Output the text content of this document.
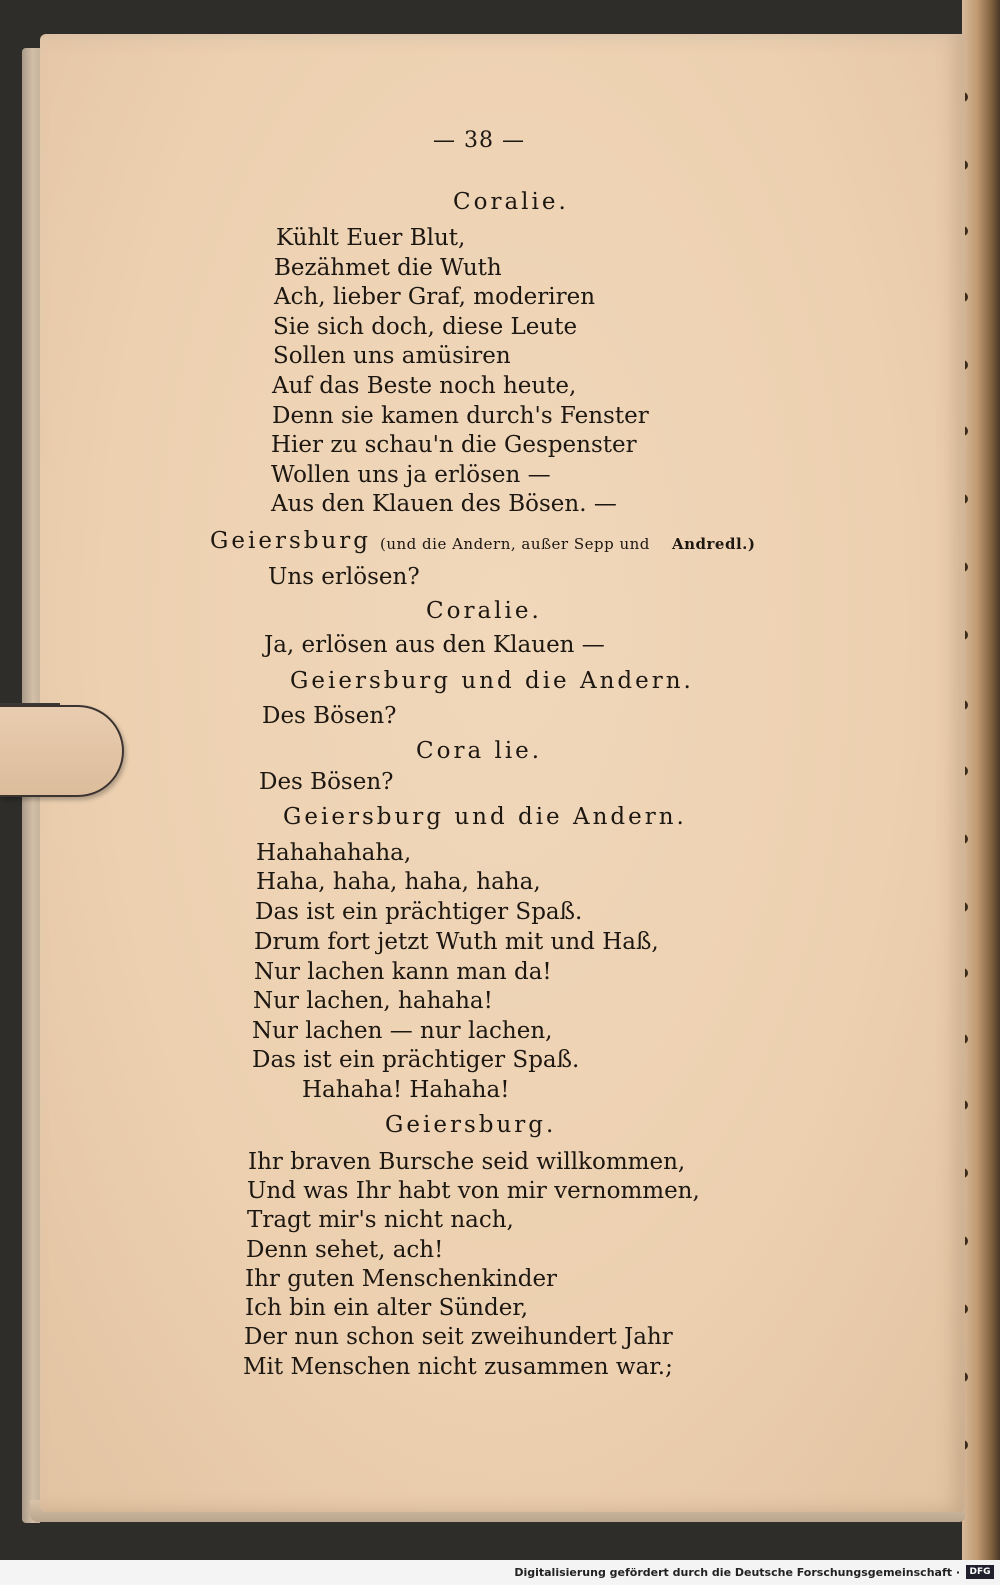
— 38 —
Coralie.
Kühlt Euer Blut,
Bezähmet die Wuth
Ach, lieber Graf, moderiren
Sie sich doch, diese Leute
Sollen uns amüsiren
Auf das Beste noch heute,
Denn sie kamen durch's Fenster
Hier zu schau'n die Gespenster
Wollen uns ja erlösen —
Aus den Klauen des Bösen. —
Geiersburg (und die Andern, außer Sepp und Andredl.)
Uns erlösen?
Coralie.
Ja, erlösen aus den Klauen —
Geiersburg und die Andern.
Des Bösen?
Cora lie.
Des Bösen?
Geiersburg und die Andern.
Hahahahaha,
Haha, haha, haha, haha,
Das ist ein prächtiger Spaß.
Drum fort jetzt Wuth mit und Haß,
Nur lachen kann man da!
Nur lachen, hahaha!
Nur lachen — nur lachen,
Das ist ein prächtiger Spaß.
Hahaha! Hahaha!
Geiersburg.
Ihr braven Bursche seid willkommen,
Und was Ihr habt von mir vernommen,
Tragt mir's nicht nach,
Denn sehet, ach!
Ihr guten Menschenkinder
Ich bin ein alter Sünder,
Der nun schon seit zweihundert Jahr
Mit Menschen nicht zusammen war.;
Digitalisierung gefördert durch die Deutsche Forschungsgemeinschaft ·	DFG
